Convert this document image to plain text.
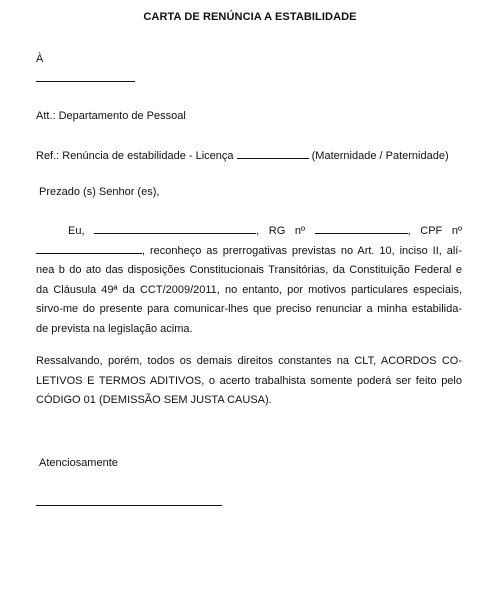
CARTA DE RENÚNCIA A ESTABILIDADE
À
Att.: Departamento de Pessoal
Ref.: Renúncia de estabilidade - Licença	(Maternidade / Paternidade)
Prezado (s) Senhor (es),
Eu,	, RG nº	, CPF nº
, reconheço as prerrogativas previstas no Art. 10, inciso II, alí-
nea b do ato das disposições Constitucionais Transitórias, da Constituição Federal e
da Cláusula 49ª da CCT/2009/2011, no entanto, por motivos particulares especiais,
sirvo-me do presente para comunicar-lhes que preciso renunciar a minha estabilida-
de prevista na legislação acima.
Ressalvando, porém, todos os demais direitos constantes na CLT, ACORDOS CO-
LETIVOS E TERMOS ADITIVOS, o acerto trabalhista somente poderá ser feito pelo
CÓDIGO 01 (DEMISSÃO SEM JUSTA CAUSA).
Atenciosamente
